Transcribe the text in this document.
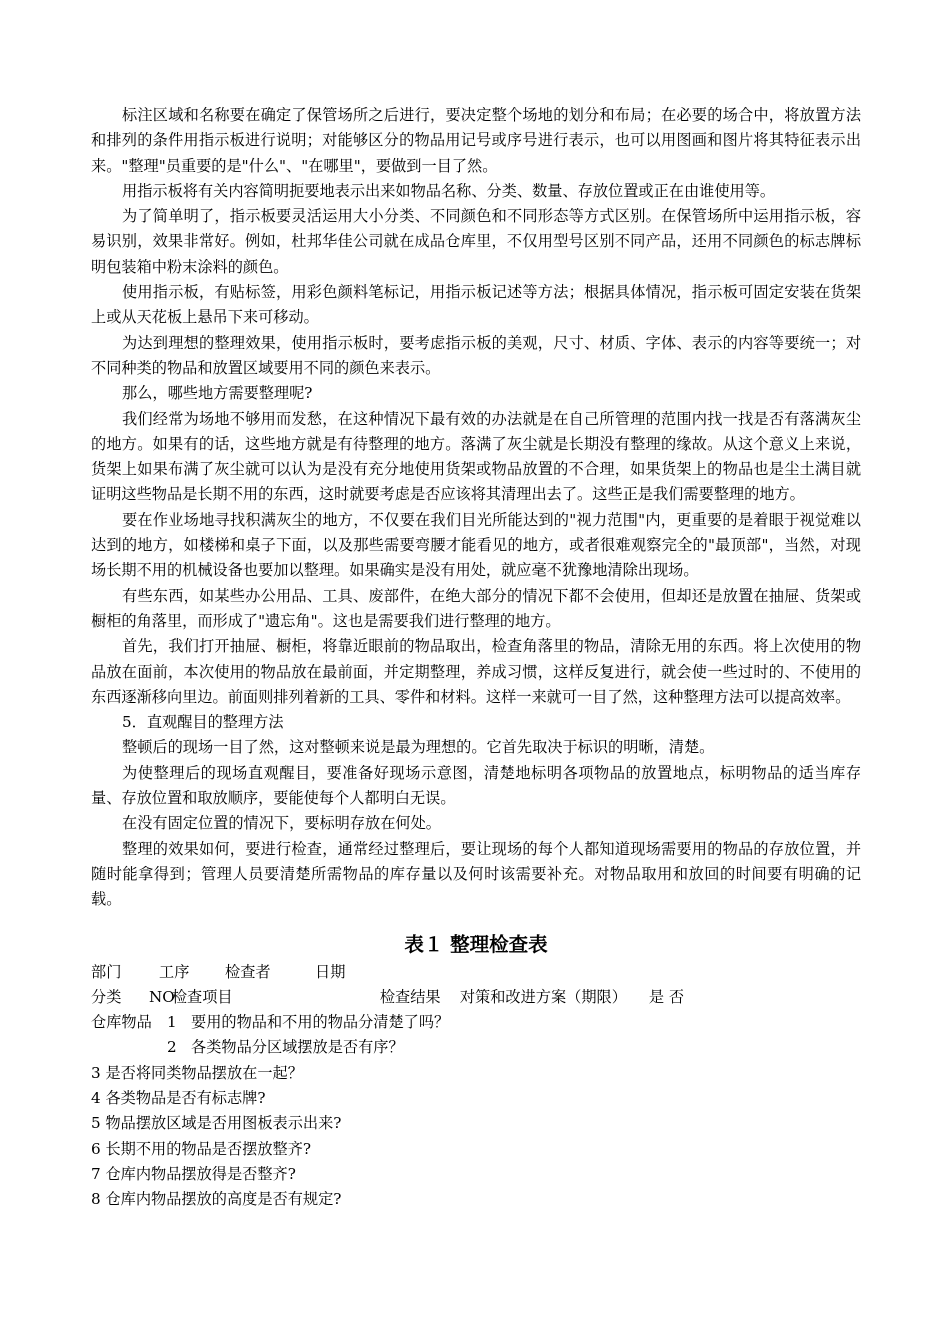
标注区域和名称要在确定了保管场所之后进行，要决定整个场地的划分和布局；在必要的场合中，将放置方法和排列的条件用指示板进行说明；对能够区分的物品用记号或序号进行表示，也可以用图画和图片将其特征表示出来。"整理"员重要的是"什么"、"在哪里"，要做到一目了然。

用指示板将有关内容简明扼要地表示出来如物品名称、分类、数量、存放位置或正在由谁使用等。

为了简单明了，指示板要灵活运用大小分类、不同颜色和不同形态等方式区别。在保管场所中运用指示板，容易识别，效果非常好。例如，杜邦华佳公司就在成品仓库里，不仅用型号区别不同产品，还用不同颜色的标志牌标明包装箱中粉末涂料的颜色。

使用指示板，有贴标签，用彩色颜料笔标记，用指示板记述等方法；根据具体情况，指示板可固定安装在货架上或从天花板上悬吊下来可移动。

为达到理想的整理效果，使用指示板时，要考虑指示板的美观，尺寸、材质、字体、表示的内容等要统一；对不同种类的物品和放置区域要用不同的颜色来表示。

那么，哪些地方需要整理呢?

我们经常为场地不够用而发愁，在这种情况下最有效的办法就是在自己所管理的范围内找一找是否有落满灰尘的地方。如果有的话，这些地方就是有待整理的地方。落满了灰尘就是长期没有整理的缘故。从这个意义上来说，货架上如果布满了灰尘就可以认为是没有充分地使用货架或物品放置的不合理，如果货架上的物品也是尘土满目就证明这些物品是长期不用的东西，这时就要考虑是否应该将其清理出去了。这些正是我们需要整理的地方。

要在作业场地寻找积满灰尘的地方，不仅要在我们目光所能达到的"视力范围"内，更重要的是着眼于视觉难以达到的地方，如楼梯和桌子下面，以及那些需要弯腰才能看见的地方，或者很难观察完全的"最顶部"，当然，对现场长期不用的机械设备也要加以整理。如果确实是没有用处，就应毫不犹豫地清除出现场。

有些东西，如某些办公用品、工具、废部件，在绝大部分的情况下都不会使用，但却还是放置在抽屉、货架或橱柜的角落里，而形成了"遗忘角"。这也是需要我们进行整理的地方。

首先，我们打开抽屉、橱柜，将靠近眼前的物品取出，检查角落里的物品，清除无用的东西。将上次使用的物品放在面前，本次使用的物品放在最前面，并定期整理，养成习惯，这样反复进行，就会使一些过时的、不使用的东西逐渐移向里边。前面则排列着新的工具、零件和材料。这样一来就可一目了然，这种整理方法可以提高效率。

5．直观醒目的整理方法

整顿后的现场一目了然，这对整顿来说是最为理想的。它首先取决于标识的明晰，清楚。

为使整理后的现场直观醒目，要准备好现场示意图，清楚地标明各项物品的放置地点，标明物品的适当库存量、存放位置和取放顺序，要能使每个人都明白无误。

在没有固定位置的情况下，要标明存放在何处。

整理的效果如何，要进行检查，通常经过整理后，要让现场的每个人都知道现场需要用的物品的存放位置，并随时能拿得到；管理人员要清楚所需物品的库存量以及何时该需要补充。对物品取用和放回的时间要有明确的记载。

表１ 整理检查表
部门 工序 检查者	日期
分类 NO 检查项目	检查结果 对策和改进方案（期限） 是 否
仓库物品 1 要用的物品和不用的物品分清楚了吗？
2 各类物品分区域摆放是否有序？
3 是否将同类物品摆放在一起？
4 各类物品是否有标志牌?
5 物品摆放区域是否用图板表示出来?
6 长期不用的物品是否摆放整齐?
7 仓库内物品摆放得是否整齐?
8 仓库内物品摆放的高度是否有规定?
